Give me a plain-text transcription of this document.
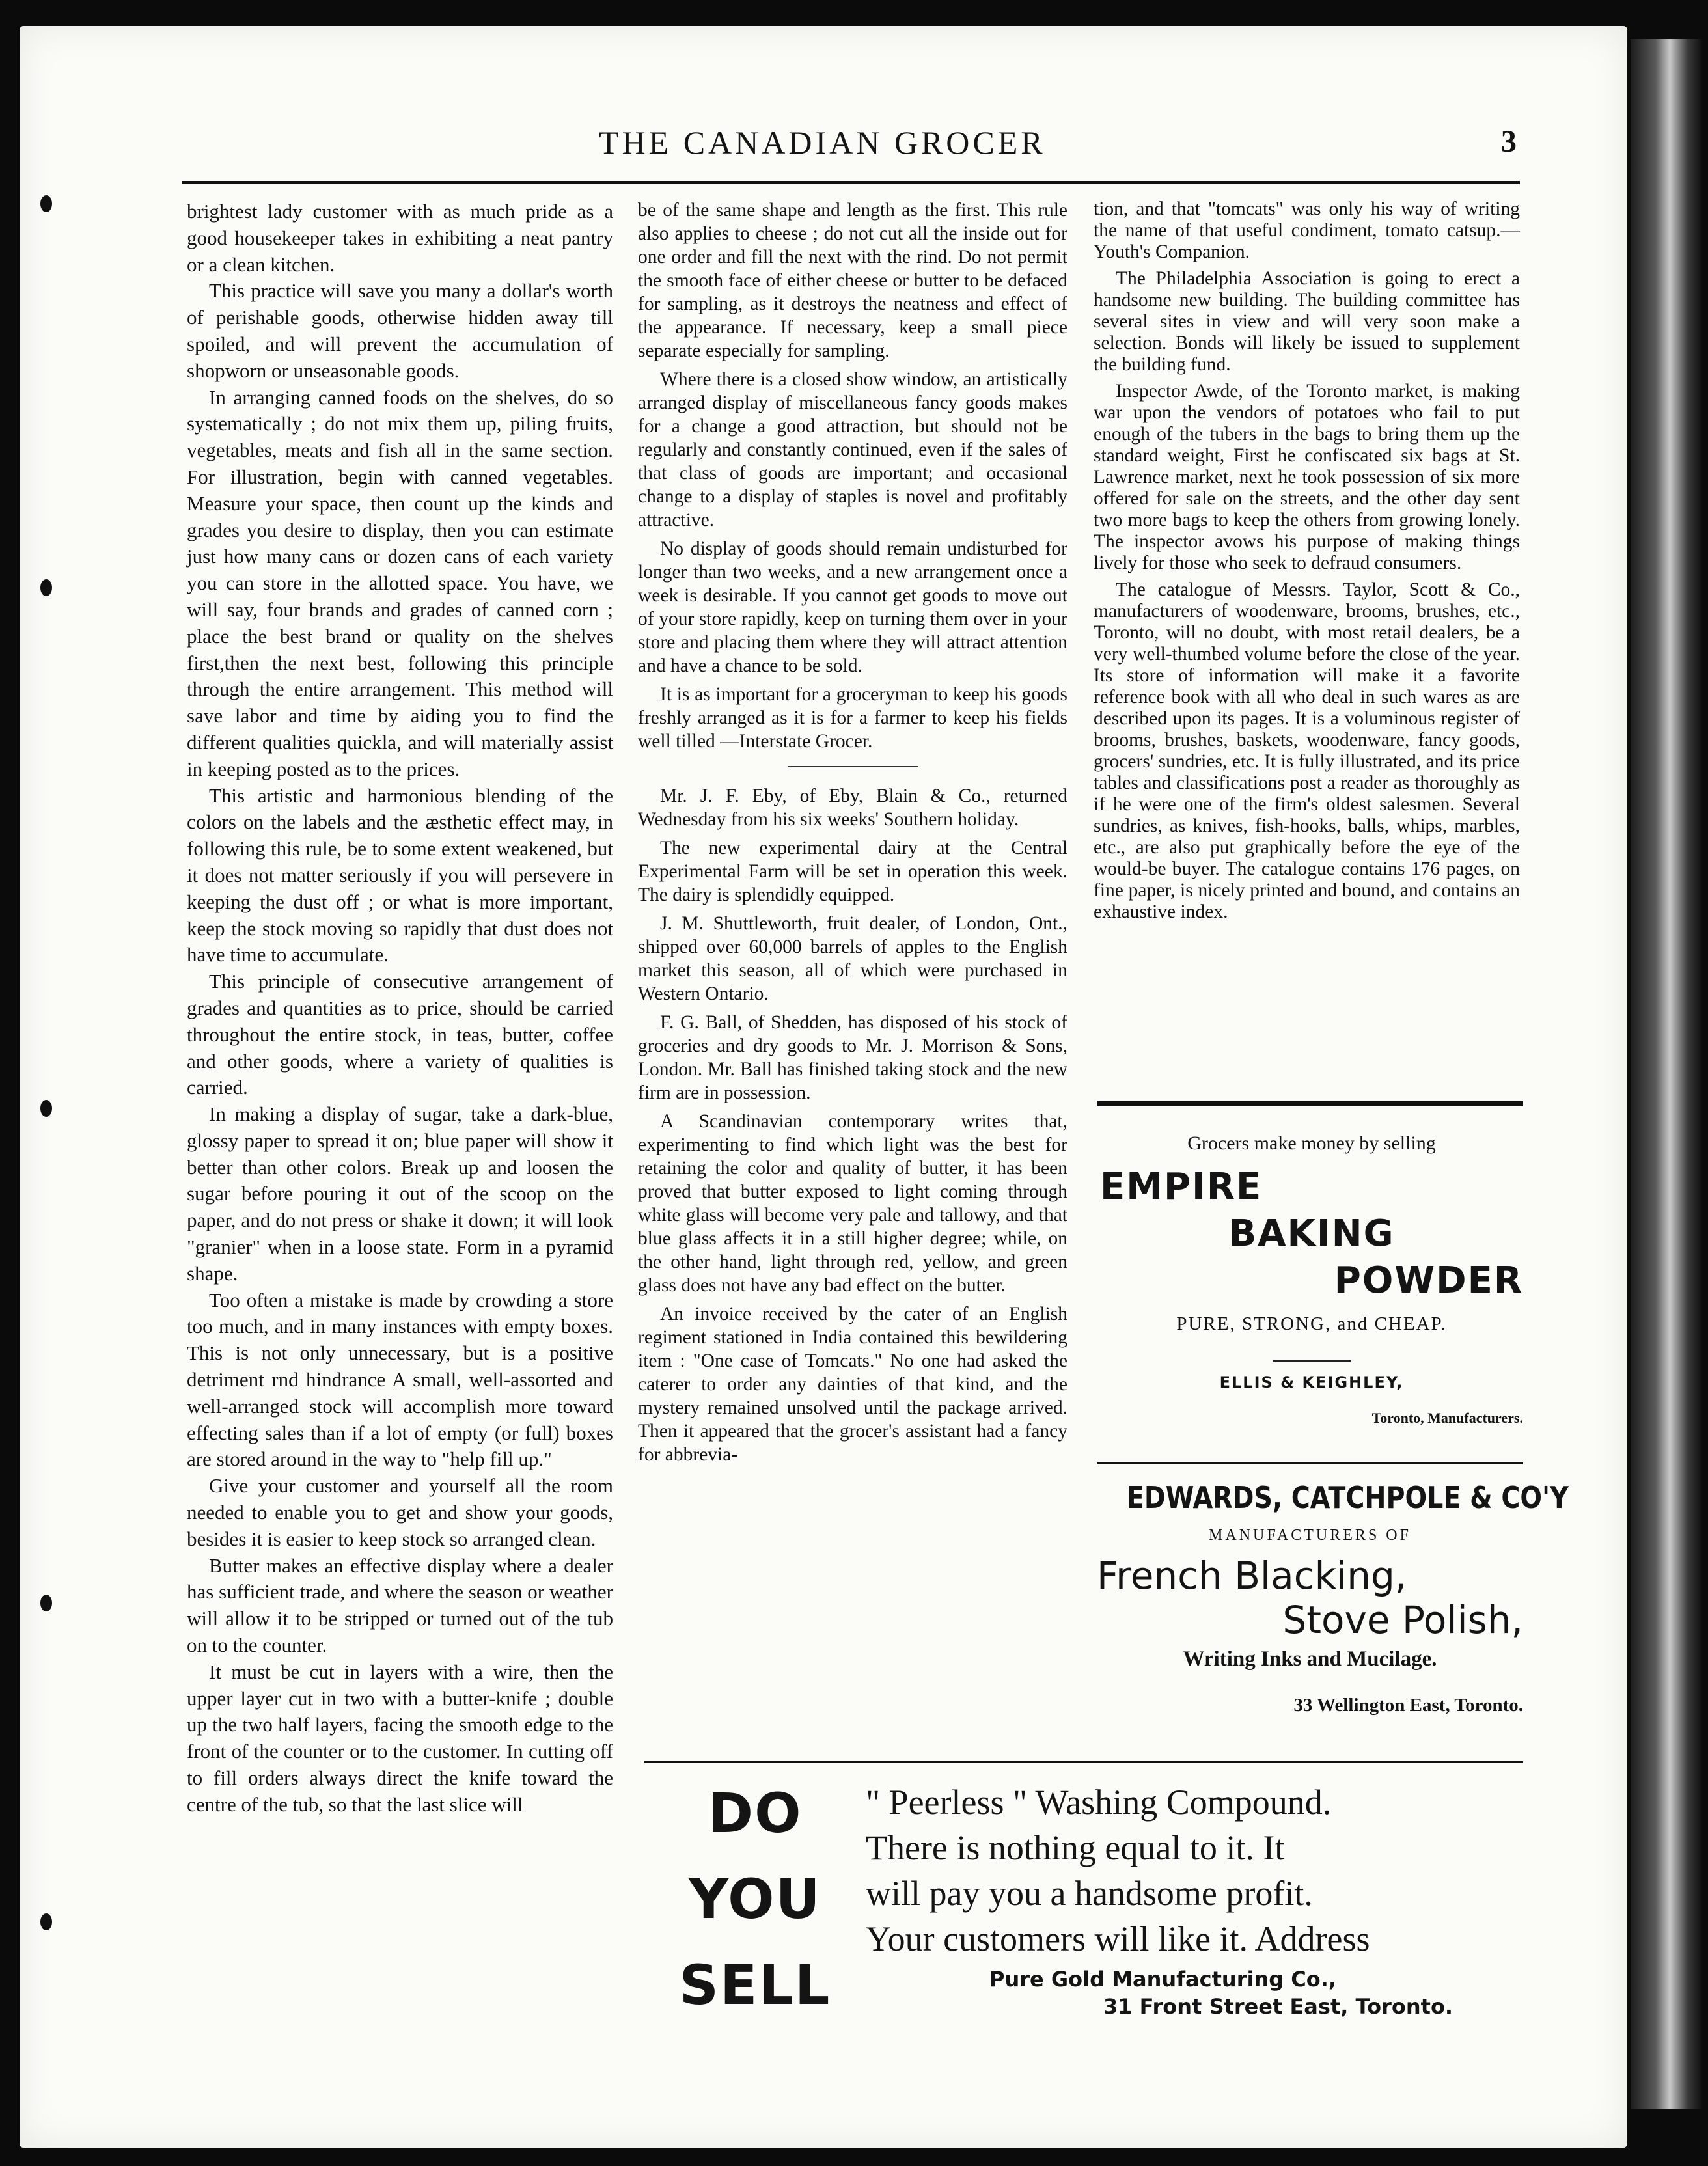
THE CANADIAN GROCER	3

brightest lady customer with as much pride as a good housekeeper takes in exhibiting a neat pantry or a clean kitchen.

This practice will save you many a dollar's worth of perishable goods, otherwise hidden away till spoiled, and will prevent the accumulation of shopworn or unseasonable goods.

In arranging canned foods on the shelves, do so systematically ; do not mix them up, piling fruits, vegetables, meats and fish all in the same section. For illustration, begin with canned vegetables. Measure your space, then count up the kinds and grades you desire to display, then you can estimate just how many cans or dozen cans of each variety you can store in the allotted space. You have, we will say, four brands and grades of canned corn ; place the best brand or quality on the shelves first,then the next best, following this principle through the entire arrangement. This method will save labor and time by aiding you to find the different qualities quickla, and will materially assist in keeping posted as to the prices.

This artistic and harmonious blending of the colors on the labels and the æsthetic effect may, in following this rule, be to some extent weakened, but it does not matter seriously if you will persevere in keeping the dust off ; or what is more important, keep the stock moving so rapidly that dust does not have time to accumulate.

This principle of consecutive arrangement of grades and quantities as to price, should be carried throughout the entire stock, in teas, butter, coffee and other goods, where a variety of qualities is carried.

In making a display of sugar, take a dark-blue, glossy paper to spread it on; blue paper will show it better than other colors. Break up and loosen the sugar before pouring it out of the scoop on the paper, and do not press or shake it down; it will look "granier" when in a loose state. Form in a pyramid shape.

Too often a mistake is made by crowding a store too much, and in many instances with empty boxes. This is not only unnecessary, but is a positive detriment rnd hindrance A small, well-assorted and well-arranged stock will accomplish more toward effecting sales than if a lot of empty (or full) boxes are stored around in the way to "help fill up."

Give your customer and yourself all the room needed to enable you to get and show your goods, besides it is easier to keep stock so arranged clean.

Butter makes an effective display where a dealer has sufficient trade, and where the season or weather will allow it to be stripped or turned out of the tub on to the counter.

It must be cut in layers with a wire, then the upper layer cut in two with a butter-knife ; double up the two half layers, facing the smooth edge to the front of the counter or to the customer. In cutting off to fill orders always direct the knife toward the centre of the tub, so that the last slice will

be of the same shape and length as the first. This rule also applies to cheese ; do not cut all the inside out for one order and fill the next with the rind. Do not permit the smooth face of either cheese or butter to be defaced for sampling, as it destroys the neatness and effect of the appearance. If necessary, keep a small piece separate especially for sampling.

Where there is a closed show window, an artistically arranged display of miscellaneous fancy goods makes for a change a good attraction, but should not be regularly and constantly continued, even if the sales of that class of goods are important; and occasional change to a display of staples is novel and profitably attractive.

No display of goods should remain undisturbed for longer than two weeks, and a new arrangement once a week is desirable. If you cannot get goods to move out of your store rapidly, keep on turning them over in your store and placing them where they will attract attention and have a chance to be sold.

It is as important for a groceryman to keep his goods freshly arranged as it is for a farmer to keep his fields well tilled —Interstate Grocer.

Mr. J. F. Eby, of Eby, Blain & Co., returned Wednesday from his six weeks' Southern holiday.

The new experimental dairy at the Central Experimental Farm will be set in operation this week. The dairy is splendidly equipped.

J. M. Shuttleworth, fruit dealer, of London, Ont., shipped over 60,000 barrels of apples to the English market this season, all of which were purchased in Western Ontario.

F. G. Ball, of Shedden, has disposed of his stock of groceries and dry goods to Mr. J. Morrison & Sons, London. Mr. Ball has finished taking stock and the new firm are in possession.

A Scandinavian contemporary writes that, experimenting to find which light was the best for retaining the color and quality of butter, it has been proved that butter exposed to light coming through white glass will become very pale and tallowy, and that blue glass affects it in a still higher degree; while, on the other hand, light through red, yellow, and green glass does not have any bad effect on the butter.

An invoice received by the cater of an English regiment stationed in India contained this bewildering item : "One case of Tomcats." No one had asked the caterer to order any dainties of that kind, and the mystery remained unsolved until the package arrived. Then it appeared that the grocer's assistant had a fancy for abbrevia-

tion, and that "tomcats" was only his way of writing the name of that useful condiment, tomato catsup.—Youth's Companion.

The Philadelphia Association is going to erect a handsome new building. The building committee has several sites in view and will very soon make a selection. Bonds will likely be issued to supplement the building fund.

Inspector Awde, of the Toronto market, is making war upon the vendors of potatoes who fail to put enough of the tubers in the bags to bring them up the standard weight, First he confiscated six bags at St. Lawrence market, next he took possession of six more offered for sale on the streets, and the other day sent two more bags to keep the others from growing lonely. The inspector avows his purpose of making things lively for those who seek to defraud consumers.

The catalogue of Messrs. Taylor, Scott & Co., manufacturers of woodenware, brooms, brushes, etc., Toronto, will no doubt, with most retail dealers, be a very well-thumbed volume before the close of the year. Its store of information will make it a favorite reference book with all who deal in such wares as are described upon its pages. It is a voluminous register of brooms, brushes, baskets, woodenware, fancy goods, grocers' sundries, etc. It is fully illustrated, and its price tables and classifications post a reader as thoroughly as if he were one of the firm's oldest salesmen. Several sundries, as knives, fish-hooks, balls, whips, marbles, etc., are also put graphically before the eye of the would-be buyer. The catalogue contains 176 pages, on fine paper, is nicely printed and bound, and contains an exhaustive index.

Grocers make money by selling
EMPIRE
BAKING
POWDER
PURE, STRONG, and CHEAP.
ELLIS & KEIGHLEY,
Toronto, Manufacturers.
EDWARDS, CATCHPOLE & CO'Y
MANUFACTURERS OF
French Blacking,
Stove Polish,
Writing Inks and Mucilage.
33 Wellington East, Toronto.
DO
YOU
SELL
" Peerless " Washing Compound.
There is nothing equal to it. It
will pay you a handsome profit.
Your customers will like it. Address
Pure Gold Manufacturing Co.,
31 Front Street East, Toronto.
